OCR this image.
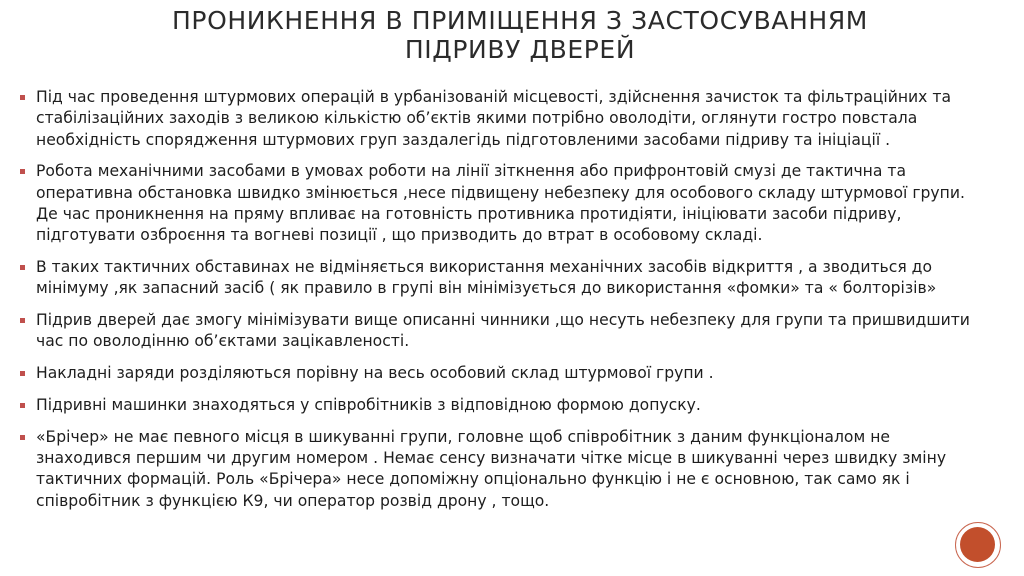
ПРОНИКНЕННЯ В ПРИМІЩЕННЯ З ЗАСТОСУВАННЯМ
ПІДРИВУ ДВЕРЕЙ
Під час проведення штурмових операцій в урбанізованій місцевості, здійснення зачисток та фільтраційних та стабілізаційних заходів з великою кількістю об’єктів якими потрібно оволодіти, оглянути гостро повстала необхідність спорядження штурмових груп заздалегідь підготовленими засобами підриву та ініціації .
Робота механічними засобами в умовах роботи на лінії зіткнення або прифронтовій смузі де тактична та оперативна обстановка швидко змінюється ,несе підвищену небезпеку для особового складу штурмової групи. Де час проникнення на пряму впливає на готовність противника протидіяти, ініціювати засоби підриву, підготувати озброєння та вогневі позиції , що призводить до втрат в особовому складі.
В таких тактичних обставинах не відміняється використання механічних засобів відкриття , а зводиться до мінімуму ,як запасний засіб ( як правило в групі він мінімізується до використання «фомки» та « болторізів»
Підрив дверей дає змогу мінімізувати вище описанні чинники ,що несуть небезпеку для групи та пришвидшити час по оволодінню об’єктами зацікавленості.
Накладні заряди розділяються порівну на весь особовий склад штурмової групи .
Підривні машинки знаходяться у співробітників з відповідною формою допуску.
«Брічер» не має певного місця в шикуванні групи, головне щоб співробітник з даним функціоналом не знаходився першим чи другим номером . Немає сенсу визначати чітке місце в шикуванні через швидку зміну тактичних формацій. Роль «Брічера» несе допоміжну опціонально функцію і не є основною, так само як і співробітник з функцією К9, чи оператор розвід дрону , тощо.
